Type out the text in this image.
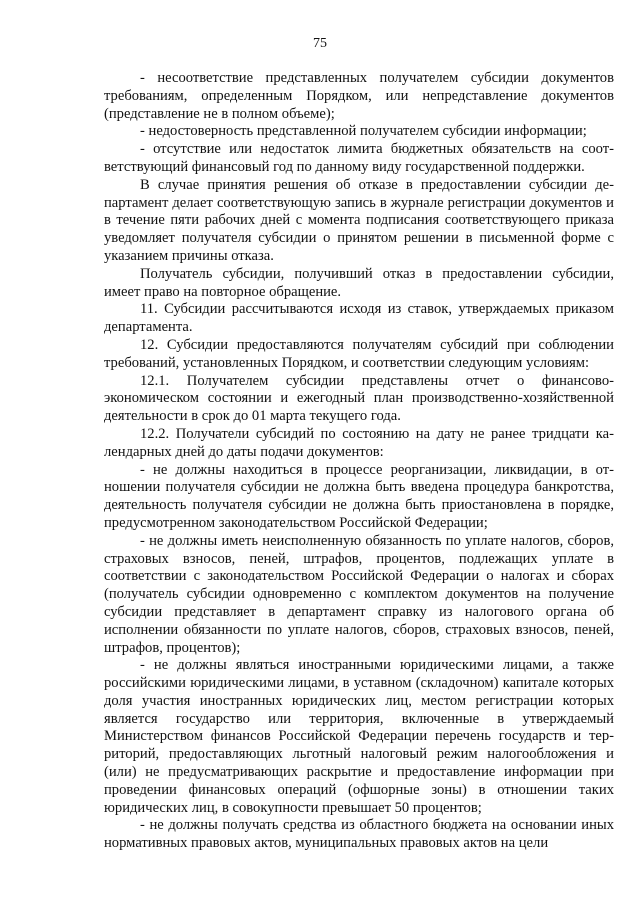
75

- несоответствие представленных получателем субсидии документов требованиям, определенным Порядком, или непредставление документов (представление не в полном объеме);

- недостоверность представленной получателем субсидии информации;

- отсутствие или недостаток лимита бюджетных обязательств на соответствующий финансовый год по данному виду государственной поддержки.

В случае принятия решения об отказе в предоставлении субсидии департамент делает соответствующую запись в журнале регистрации документов и в течение пяти рабочих дней с момента подписания соответствующего приказа уведомляет получателя субсидии о принятом решении в письменной форме с указанием причины отказа.

Получатель субсидии, получивший отказ в предоставлении субсидии, имеет право на повторное обращение.

11. Субсидии рассчитываются исходя из ставок, утверждаемых приказом департамента.

12. Субсидии предоставляются получателям субсидий при соблюдении требований, установленных Порядком, и соответствии следующим условиям:

12.1. Получателем субсидии представлены отчет о финансово-экономическом состоянии и ежегодный план производственно-хозяйственной деятельности в срок до 01 марта текущего года.

12.2. Получатели субсидий по состоянию на дату не ранее тридцати календарных дней до даты подачи документов:

- не должны находиться в процессе реорганизации, ликвидации, в отношении получателя субсидии не должна быть введена процедура банкротства, деятельность получателя субсидии не должна быть приостановлена в порядке, предусмотренном законодательством Российской Федерации;

- не должны иметь неисполненную обязанность по уплате налогов, сборов, страховых взносов, пеней, штрафов, процентов, подлежащих уплате в соответствии с законодательством Российской Федерации о налогах и сборах (получатель субсидии одновременно с комплектом документов на получение субсидии представляет в департамент справку из налогового органа об исполнении обязанности по уплате налогов, сборов, страховых взносов, пеней, штрафов, процентов);

- не должны являться иностранными юридическими лицами, а также российскими юридическими лицами, в уставном (складочном) капитале которых доля участия иностранных юридических лиц, местом регистрации которых является государство или территория, включенные в утверждаемый Министерством финансов Российской Федерации перечень государств и территорий, предоставляющих льготный налоговый режим налогообложения и (или) не предусматривающих раскрытие и предоставление информации при проведении финансовых операций (офшорные зоны) в отношении таких юридических лиц, в совокупности превышает 50 процентов;

- не должны получать средства из областного бюджета на основании иных нормативных правовых актов, муниципальных правовых актов на цели
